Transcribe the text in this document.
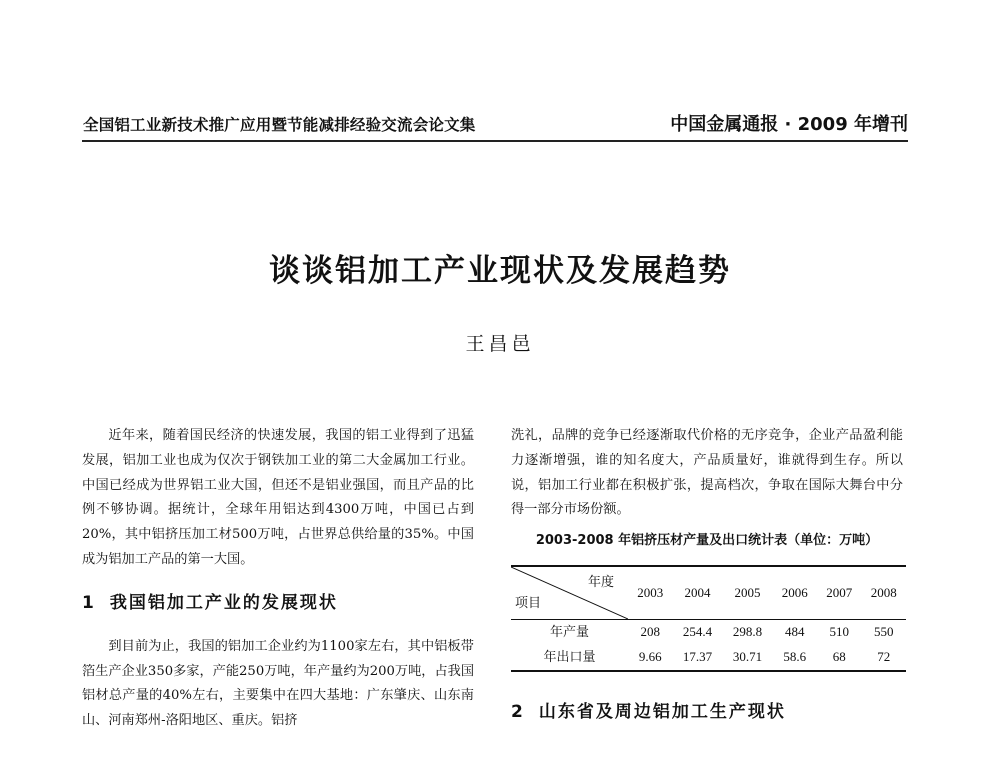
全国铝工业新技术推广应用暨节能减排经验交流会论文集	中国金属通报 · 2009 年增刊
谈谈铝加工产业现状及发展趋势
王昌邑

近年来，随着国民经济的快速发展，我国的铝工业得到了迅猛发展，铝加工业也成为仅次于钢铁加工业的第二大金属加工行业。中国已经成为世界铝工业大国，但还不是铝业强国，而且产品的比例不够协调。据统计，全球年用铝达到4300万吨，中国已占到20%，其中铝挤压加工材500万吨，占世界总供给量的35%。中国成为铝加工产品的第一大国。

1 我国铝加工产业的发展现状

到目前为止，我国的铝加工企业约为1100家左右，其中铝板带箔生产企业350多家，产能250万吨，年产量约为200万吨，占我国铝材总产量的40%左右，主要集中在四大基地：广东肇庆、山东南山、河南郑州-洛阳地区、重庆。铝挤

洗礼，品牌的竞争已经逐渐取代价格的无序竞争，企业产品盈利能力逐渐增强，谁的知名度大，产品质量好，谁就得到生存。所以说，铝加工行业都在积极扩张，提高档次，争取在国际大舞台中分得一部分市场份额。

2003-2008 年铝挤压材产量及出口统计表（单位：万吨）
年度
项目	2003	2004	2005	2006	2007	2008
年产量	208	254.4	298.8	484	510	550
年出口量	9.66	17.37	30.71	58.6	68	72
2 山东省及周边铝加工生产现状
